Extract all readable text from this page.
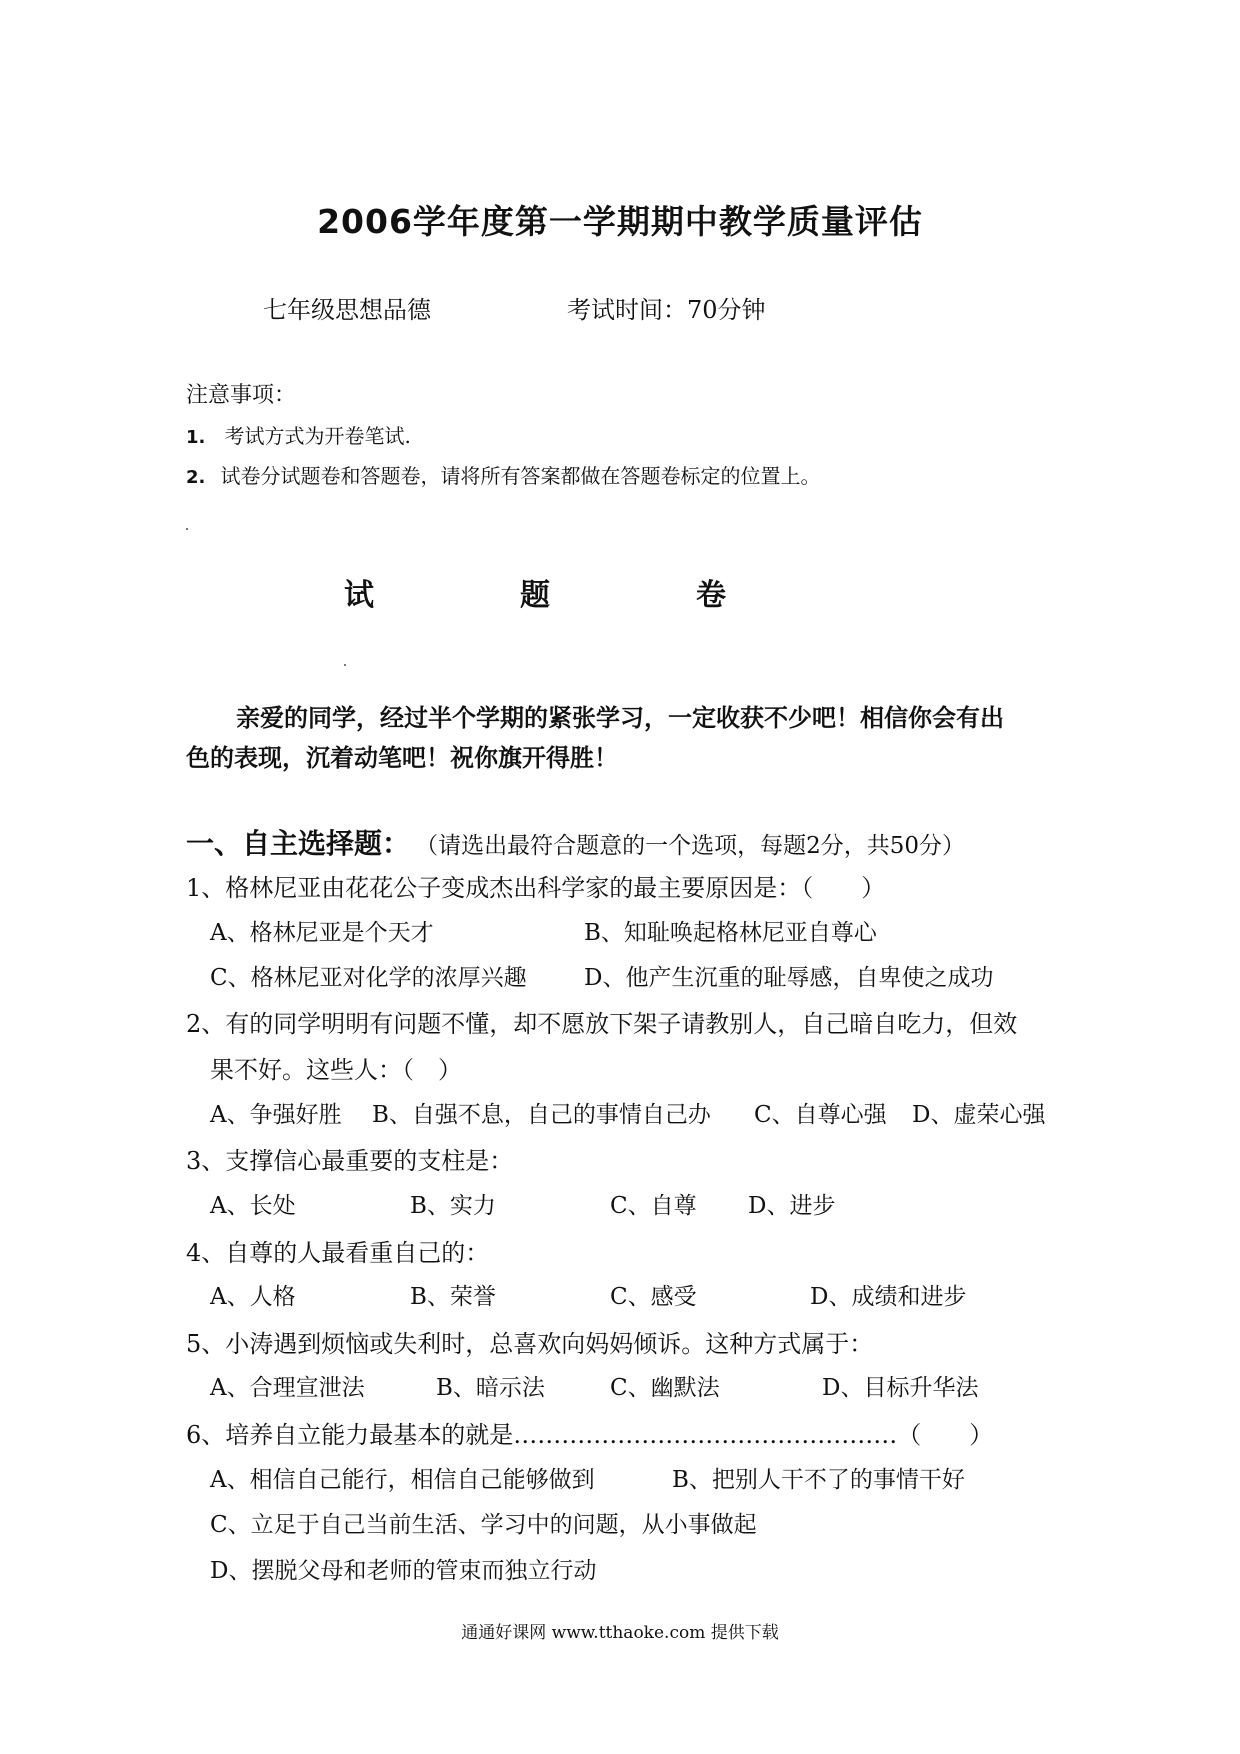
2006学年度第一学期期中教学质量评估
七年级思想品德	考试时间：70分钟
注意事项：
1. 考试方式为开卷笔试.
2. 试卷分试题卷和答题卷，请将所有答案都做在答题卷标定的位置上。
试	题	卷
亲爱的同学，经过半个学期的紧张学习，一定收获不少吧！相信你会有出
色的表现，沉着动笔吧！祝你旗开得胜！
一、自主选择题： （请选出最符合题意的一个选项，每题2分，共50分）
1、格林尼亚由花花公子变成杰出科学家的最主要原因是：（　　）
A、格林尼亚是个天才	B、知耻唤起格林尼亚自尊心
C、格林尼亚对化学的浓厚兴趣 D、他产生沉重的耻辱感，自卑使之成功
2、有的同学明明有问题不懂，却不愿放下架子请教别人，自己暗自吃力，但效
果不好。这些人：（　）
A、争强好胜 B、自强不息，自己的事情自己办 C、自尊心强 D、虚荣心强
3、支撑信心最重要的支柱是：
A、长处	B、实力	C、自尊 D、进步
4、自尊的人最看重自己的：
A、人格	B、荣誉	C、感受	D、成绩和进步
5、小涛遇到烦恼或失利时，总喜欢向妈妈倾诉。这种方式属于：
A、合理宣泄法	B、暗示法	C、幽默法	D、目标升华法
6、培养自立能力最基本的就是…………………………………………（　　）
A、相信自己能行，相信自己能够做到	B、把别人干不了的事情干好
C、立足于自己当前生活、学习中的问题，从小事做起
D、摆脱父母和老师的管束而独立行动
通通好课网 www.tthaoke.com 提供下载
